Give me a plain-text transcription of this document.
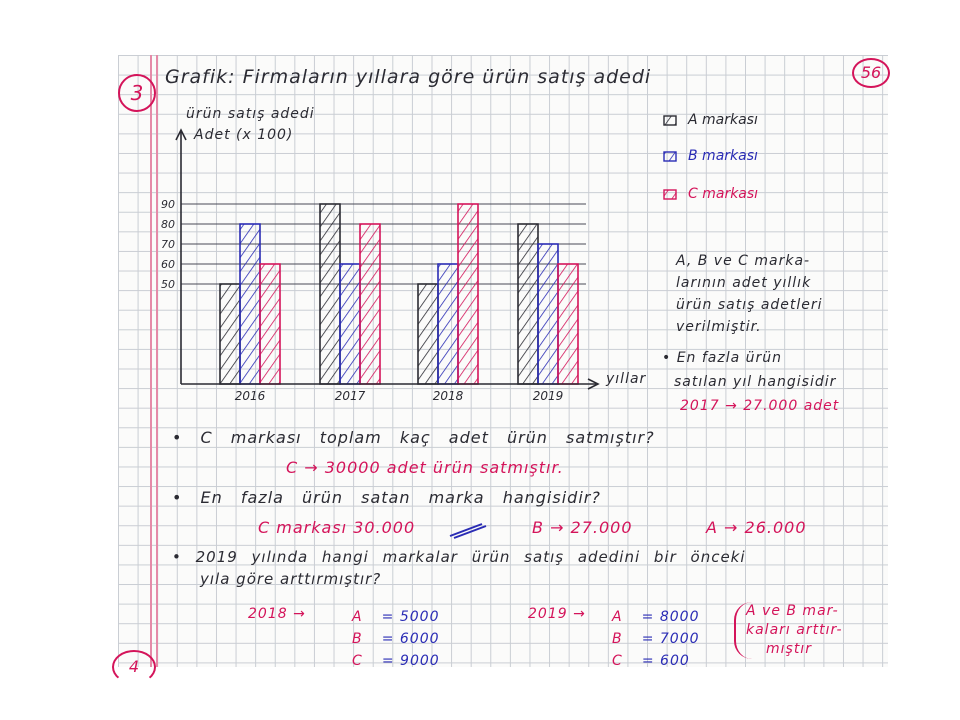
3
56
4
Grafik: Firmaların yıllara göre ürün satış adedi
ürün satış adedi
Adet (x 100)
yıllar
50
60
70
80
90
2016	2017	2018	2019
A markası
B markası
C markası
A, B ve C marka-
larının adet yıllık
ürün satış adetleri
verilmiştir.
• En fazla ürün
satılan yıl hangisidir
2017 → 27.000 adet
• C markası toplam kaç adet ürün satmıştır?
C → 30000 adet ürün satmıştır.
• En fazla ürün satan marka hangisidir?
C markası 30.000	B → 27.000	A → 26.000
• 2019 yılında hangi markalar ürün satış adedini bir önceki
yıla göre arttırmıştır?
2018 →	A = 5000
B = 6000
C = 9000
2019 → A = 8000
B = 7000
C = 600
A ve B mar-
kaları arttır-
mıştır
